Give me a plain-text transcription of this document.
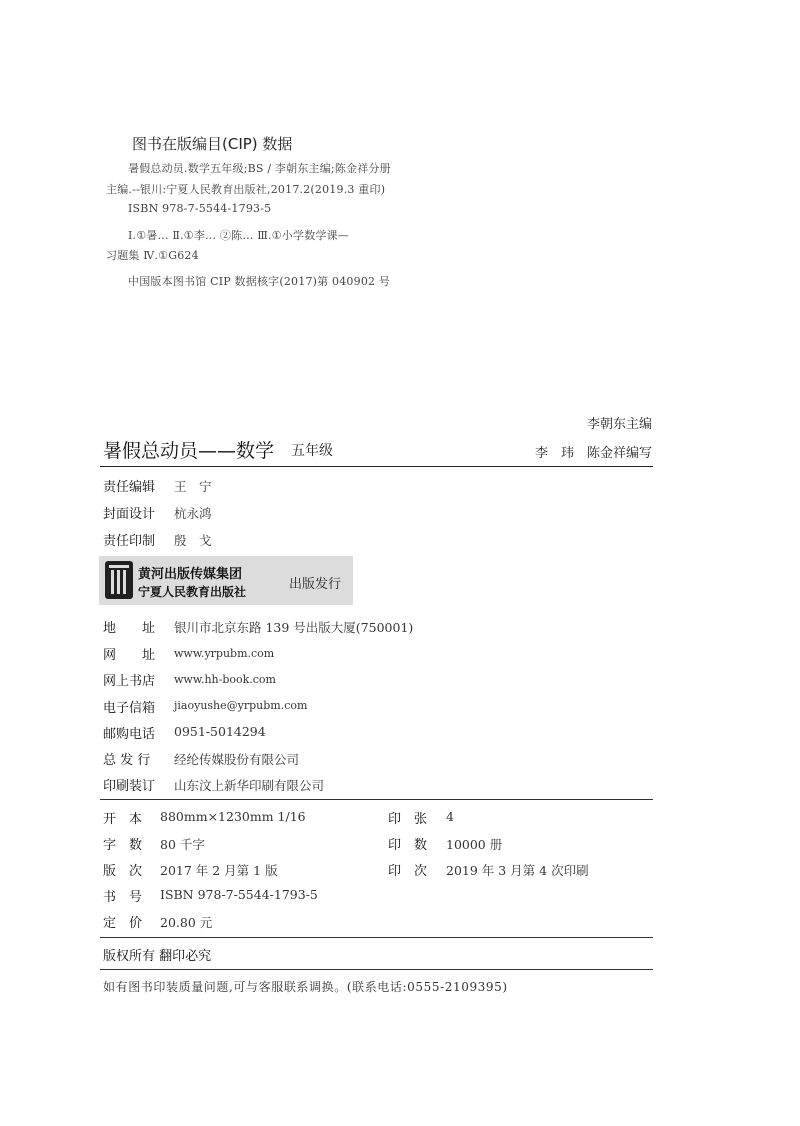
图书在版编目(CIP) 数据
暑假总动员.数学五年级;BS / 李朝东主编;陈金祥分册
主编.--银川:宁夏人民教育出版社,2017.2(2019.3 重印)
ISBN 978-7-5544-1793-5
Ⅰ.①暑… Ⅱ.①李… ②陈… Ⅲ.①小学数学课—
习题集 Ⅳ.①G624
中国版本图书馆 CIP 数据核字(2017)第 040902 号
李朝东主编
暑假总动员——数学 五年级	李　玮　陈金祥编写
责任编辑 王　宁
封面设计 杭永鸿
责任印制 殷　戈
黄河出版传媒集团
宁夏人民教育出版社	出版发行
地　　址 银川市北京东路 139 号出版大厦(750001)
网　　址 www.yrpubm.com
网上书店 www.hh-book.com
电子信箱 jiaoyushe@yrpubm.com
邮购电话 0951-5014294
总 发 行 经纶传媒股份有限公司
印刷装订 山东汶上新华印刷有限公司
开　本 880mm×1230mm 1/16
字　数 80 千字
版　次 2017 年 2 月第 1 版
书　号 ISBN 978-7-5544-1793-5
定　价 20.80 元
印　张 4
印　数 10000 册
印　次 2019 年 3 月第 4 次印刷
版权所有 翻印必究
如有图书印装质量问题,可与客服联系调换。(联系电话:0555-2109395)
